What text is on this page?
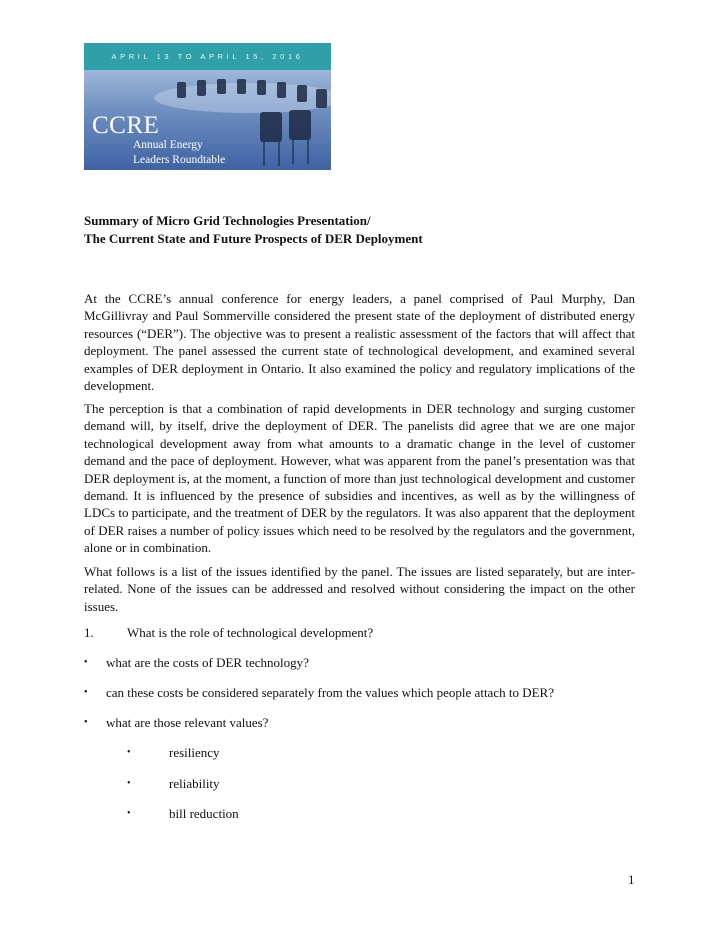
APRIL 13 TO APRIL 15, 2016
CCRE
Annual Energy
Leaders Roundtable
Summary of Micro Grid Technologies Presentation/
The Current State and Future Prospects of DER Deployment

At the CCRE’s annual conference for energy leaders, a panel comprised of Paul Murphy, Dan McGillivray and Paul Sommerville considered the present state of the deployment of distributed energy resources (“DER”). The objective was to present a realistic assessment of the factors that will affect that deployment. The panel assessed the current state of technological development, and examined several examples of DER deployment in Ontario. It also examined the policy and regulatory implications of the development.

The perception is that a combination of rapid developments in DER technology and surging customer demand will, by itself, drive the deployment of DER. The panelists did agree that we are one major technological development away from what amounts to a dramatic change in the level of customer demand and the pace of deployment. However, what was apparent from the panel’s presentation was that DER deployment is, at the moment, a function of more than just technological development and customer demand. It is influenced by the presence of subsidies and incentives, as well as by the willingness of LDCs to participate, and the treatment of DER by the regulators. It was also apparent that the deployment of DER raises a number of policy issues which need to be resolved by the regulators and the government, alone or in combination.

What follows is a list of the issues identified by the panel. The issues are listed separately, but are inter-related. None of the issues can be addressed and resolved without considering the impact on the other issues.

1.	What is the role of technological development?
• what are the costs of DER technology?
• can these costs be considered separately from the values which people attach to DER?
• what are those relevant values?
•	resiliency
•	reliability
•	bill reduction
1
